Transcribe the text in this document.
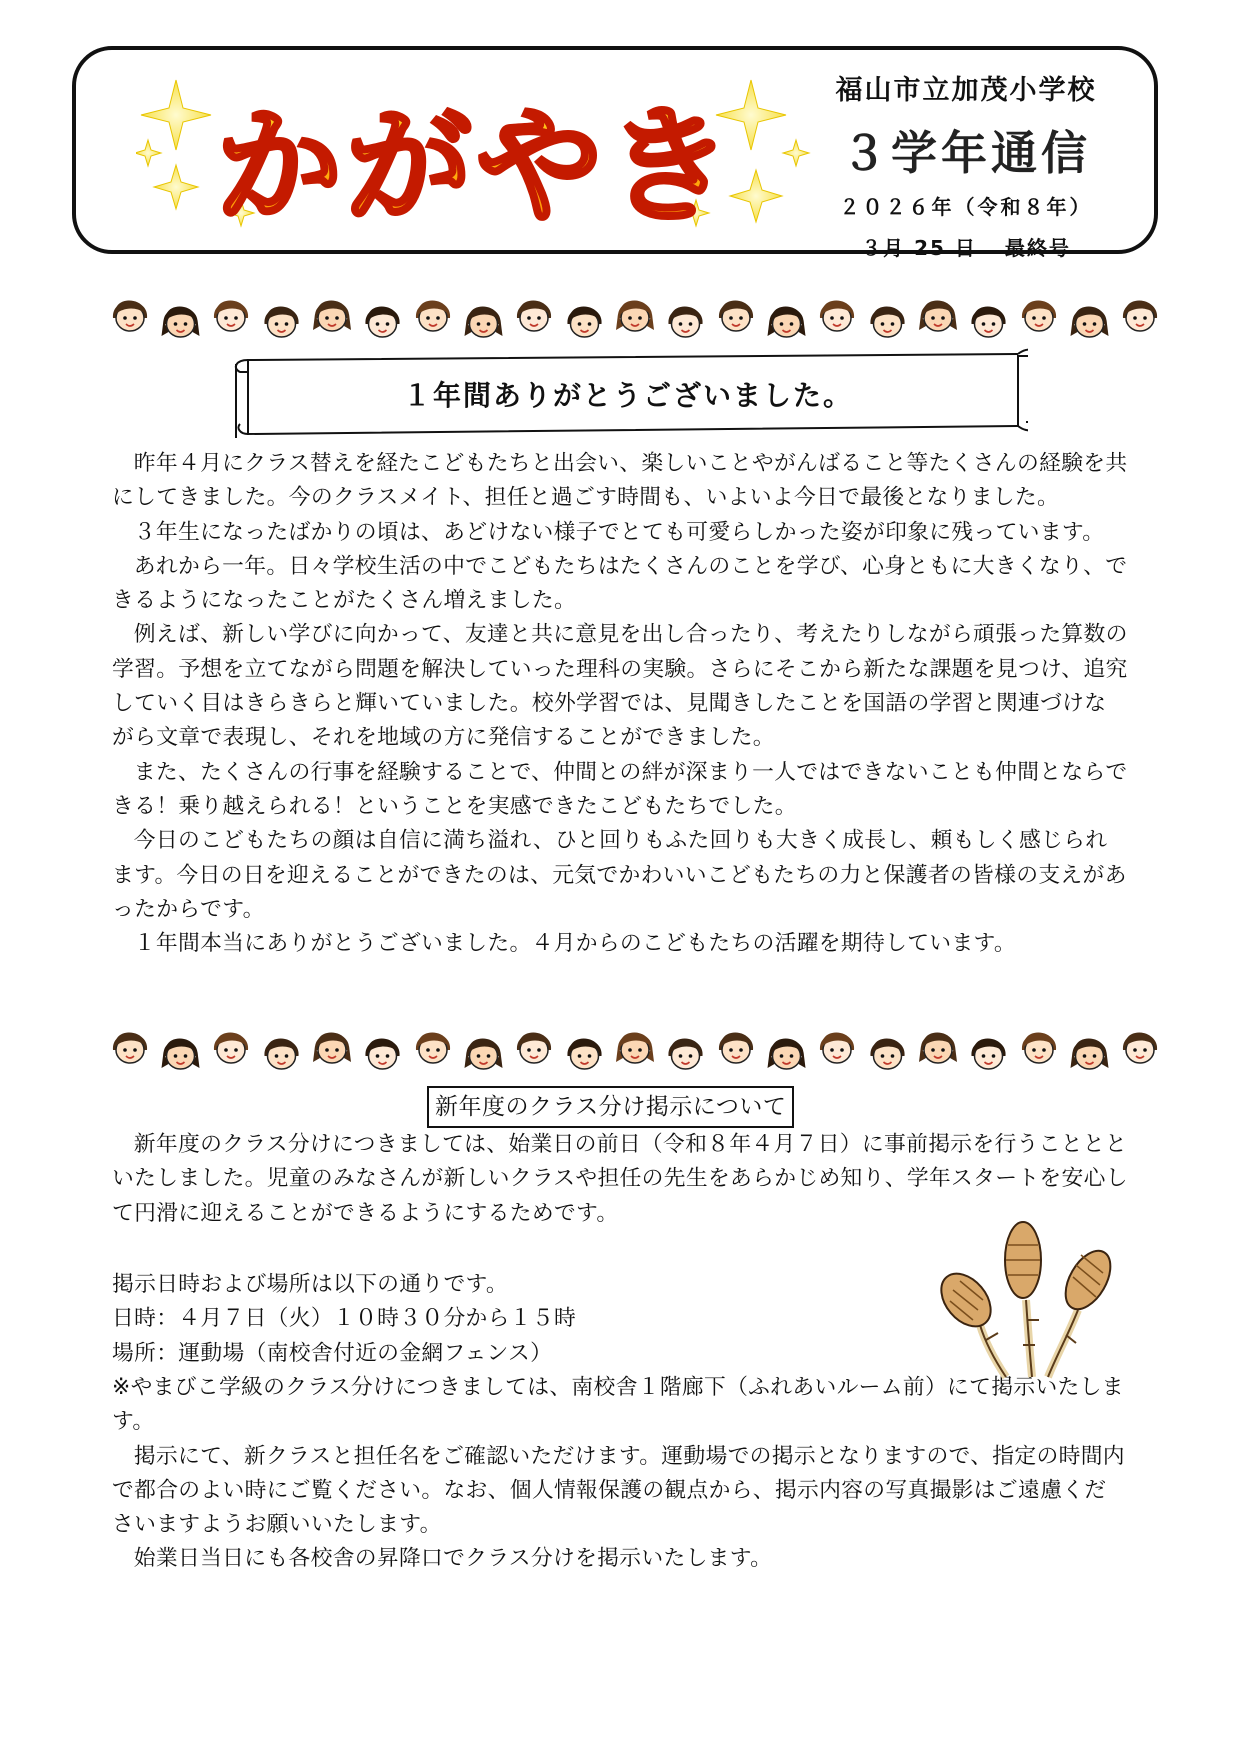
かがやき
福山市立加茂小学校
３学年通信
２０２６年（令和８年）
３月 25 日 最終号
１年間ありがとうございました。

昨年４月にクラス替えを経たこどもたちと出会い、楽しいことやがんばること等たくさんの経験を共にしてきました。今のクラスメイト、担任と過ごす時間も、いよいよ今日で最後となりました。

３年生になったばかりの頃は、あどけない様子でとても可愛らしかった姿が印象に残っています。

あれから一年。日々学校生活の中でこどもたちはたくさんのことを学び、心身ともに大きくなり、できるようになったことがたくさん増えました。

例えば、新しい学びに向かって、友達と共に意見を出し合ったり、考えたりしながら頑張った算数の学習。予想を立てながら問題を解決していった理科の実験。さらにそこから新たな課題を見つけ、追究していく目はきらきらと輝いていました。校外学習では、見聞きしたことを国語の学習と関連づけながら文章で表現し、それを地域の方に発信することができました。

また、たくさんの行事を経験することで、仲間との絆が深まり一人ではできないことも仲間とならできる！乗り越えられる！ということを実感できたこどもたちでした。

今日のこどもたちの顔は自信に満ち溢れ、ひと回りもふた回りも大きく成長し、頼もしく感じられます。今日の日を迎えることができたのは、元気でかわいいこどもたちの力と保護者の皆様の支えがあったからです。

１年間本当にありがとうございました。４月からのこどもたちの活躍を期待しています。

新年度のクラス分け掲示について

新年度のクラス分けにつきましては、始業日の前日（令和８年４月７日）に事前掲示を行うこととといたしました。児童のみなさんが新しいクラスや担任の先生をあらかじめ知り、学年スタートを安心して円滑に迎えることができるようにするためです。

掲示日時および場所は以下の通りです。

日時：４月７日（火）１０時３０分から１５時

場所：運動場（南校舎付近の金網フェンス）

※やまびこ学級のクラス分けにつきましては、南校舎１階廊下（ふれあいルーム前）にて掲示いたします。

掲示にて、新クラスと担任名をご確認いただけます。運動場での掲示となりますので、指定の時間内で都合のよい時にご覧ください。なお、個人情報保護の観点から、掲示内容の写真撮影はご遠慮くださいますようお願いいたします。

始業日当日にも各校舎の昇降口でクラス分けを掲示いたします。
